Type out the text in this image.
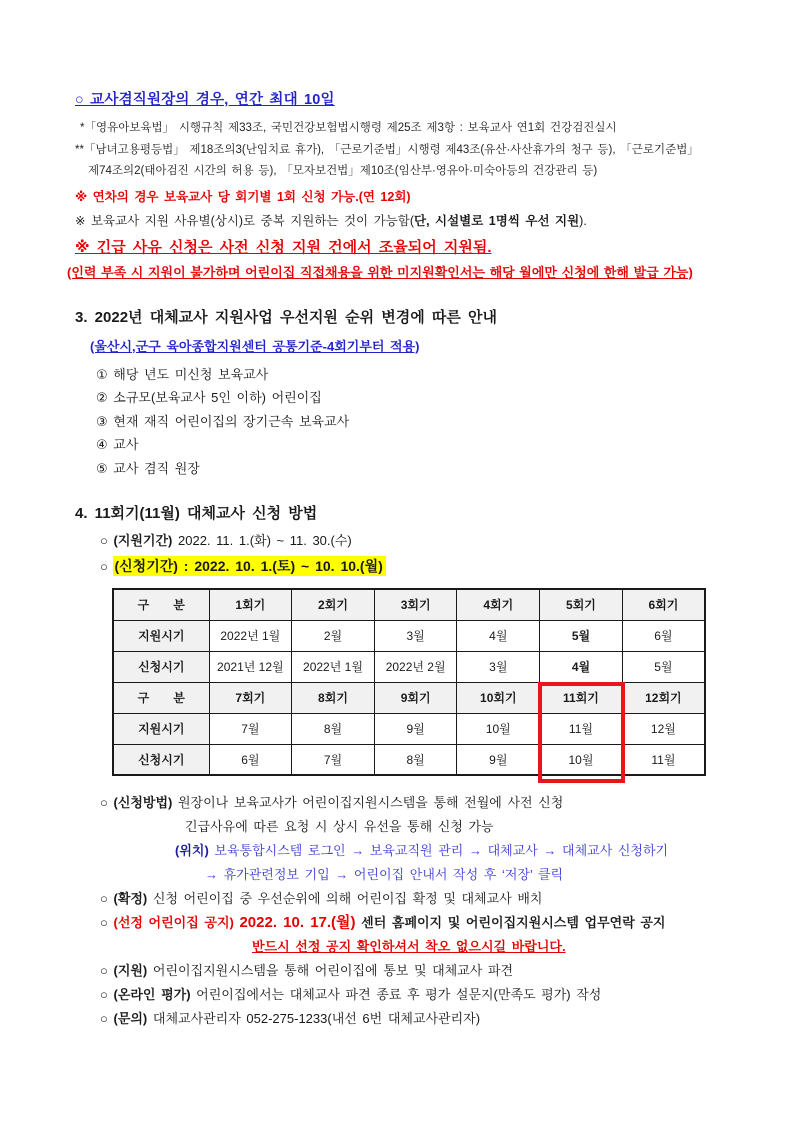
○ 교사겸직원장의 경우, 연간 최대 10일
*「영유아보육법」 시행규칙 제33조, 국민건강보험법시행령 제25조 제3항 : 보육교사 연1회 건강검진실시
**「남녀고용평등법」 제18조의3(난임치료 휴가), 「근로기준법」시행령 제43조(유산·사산휴가의 청구 등), 「근로기준법」
제74조의2(태아검진 시간의 허용 등), 「모자보건법」제10조(임산부·영유아·미숙아등의 건강관리 등)
※ 연차의 경우 보육교사 당 회기별 1회 신청 가능.(연 12회)
※ 보육교사 지원 사유별(상시)로 중복 지원하는 것이 가능함(단, 시설별로 1명씩 우선 지원).
※ 긴급 사유 신청은 사전 신청 지원 건에서 조율되어 지원됨.
(인력 부족 시 지원이 불가하며 어린이집 직접채용을 위한 미지원확인서는 해당 월에만 신청에 한해 발급 가능)
3. 2022년 대체교사 지원사업 우선지원 순위 변경에 따른 안내
(울산시,군구 육아종합지원센터 공통기준-4회기부터 적용)
① 해당 년도 미신청 보육교사
② 소규모(보육교사 5인 이하) 어린이집
③ 현재 재직 어린이집의 장기근속 보육교사
④ 교사
⑤ 교사 겸직 원장
4. 11회기(11월) 대체교사 신청 방법
○ (지원기간) 2022. 11. 1.(화) ~ 11. 30.(수)
○ (신청기간) : 2022. 10. 1.(토) ~ 10. 10.(월)
구　　분	1회기	2회기	3회기	4회기	5회기	6회기
지원시기	2022년 1월	2월	3월	4월	5월	6월
신청시기	2021년 12월	2022년 1월	2022년 2월	3월	4월	5월
구　　분	7회기	8회기	9회기	10회기	11회기	12회기
지원시기	7월	8월	9월	10월	11월	12월
신청시기	6월	7월	8월	9월	10월	11월
○ (신청방법) 원장이나 보육교사가 어린이집지원시스템을 통해 전월에 사전 신청
긴급사유에 따른 요청 시 상시 유선을 통해 신청 가능
(위치) 보육통합시스템 로그인 → 보육교직원 관리 → 대체교사 → 대체교사 신청하기
→ 휴가관련정보 기입 → 어린이집 안내서 작성 후 ‘저장’ 클릭
○ (확정) 신청 어린이집 중 우선순위에 의해 어린이집 확정 및 대체교사 배치
○ (선정 어린이집 공지) 2022. 10. 17.(월) 센터 홈페이지 및 어린이집지원시스템 업무연락 공지
반드시 선정 공지 확인하셔서 착오 없으시길 바랍니다.
○ (지원) 어린이집지원시스템을 통해 어린이집에 통보 및 대체교사 파견
○ (온라인 평가) 어린이집에서는 대체교사 파견 종료 후 평가 설문지(만족도 평가) 작성
○ (문의) 대체교사관리자 052-275-1233(내선 6번 대체교사관리자)
